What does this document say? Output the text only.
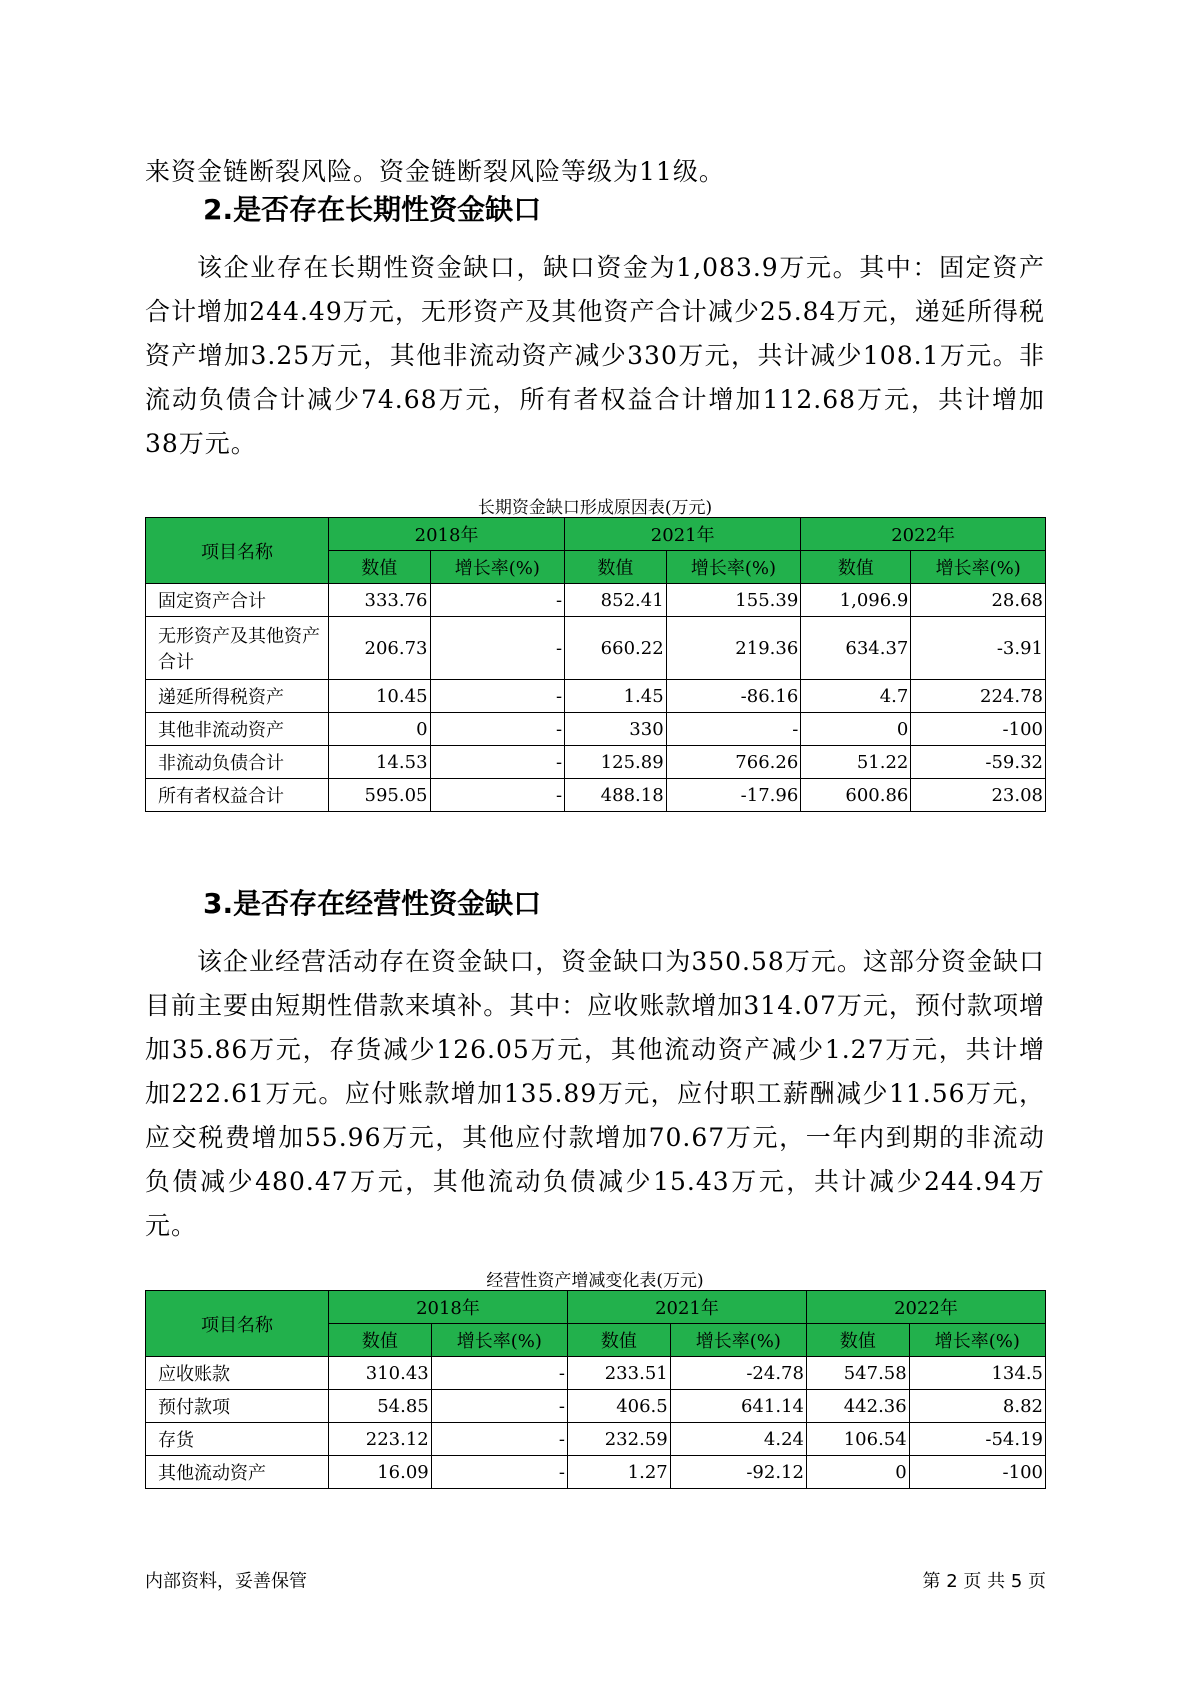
来资金链断裂风险。资金链断裂风险等级为11级。

2.是否存在长期性资金缺口

该企业存在长期性资金缺口，缺口资金为1,083.9万元。其中：固定资产合计增加244.49万元，无形资产及其他资产合计减少25.84万元，递延所得税资产增加3.25万元，其他非流动资产减少330万元，共计减少108.1万元。非流动负债合计减少74.68万元，所有者权益合计增加112.68万元，共计增加38万元。

长期资金缺口形成原因表(万元)

项目名称	2018年		2021年		2022年	
	数值	增长率(%)	数值	增长率(%)	数值	增长率(%)
固定资产合计	333.76	-	852.41	155.39	1,096.9	28.68
无形资产及其他资产合计	206.73	-	660.22	219.36	634.37	-3.91
递延所得税资产	10.45	-	1.45	-86.16	4.7	224.78
其他非流动资产	0	-	330	-	0	-100
非流动负债合计	14.53	-	125.89	766.26	51.22	-59.32
所有者权益合计	595.05	-	488.18	-17.96	600.86	23.08
3.是否存在经营性资金缺口

该企业经营活动存在资金缺口，资金缺口为350.58万元。这部分资金缺口目前主要由短期性借款来填补。其中：应收账款增加314.07万元，预付款项增加35.86万元，存货减少126.05万元，其他流动资产减少1.27万元，共计增加222.61万元。应付账款增加135.89万元，应付职工薪酬减少11.56万元，应交税费增加55.96万元，其他应付款增加70.67万元，一年内到期的非流动负债减少480.47万元，其他流动负债减少15.43万元，共计减少244.94万元。

经营性资产增减变化表(万元)

项目名称	2018年		2021年		2022年	
	数值	增长率(%)	数值	增长率(%)	数值	增长率(%)
应收账款	310.43	-	233.51	-24.78	547.58	134.5
预付款项	54.85	-	406.5	641.14	442.36	8.82
存货	223.12	-	232.59	4.24	106.54	-54.19
其他流动资产	16.09	-	1.27	-92.12	0	-100

内部资料，妥善保管	第 2 页 共 5 页
